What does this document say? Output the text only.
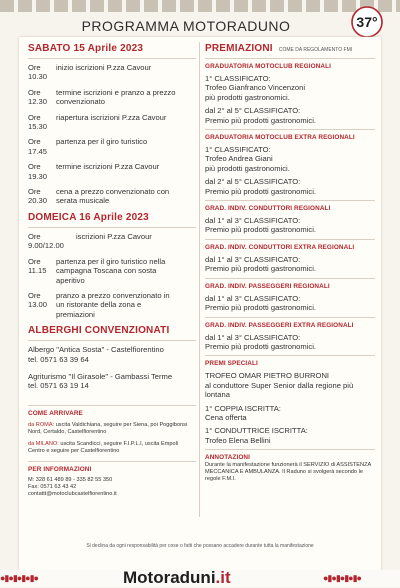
37°
PROGRAMMA MOTORADUNO
SABATO 15 Aprile 2023
Ore 10.30
inizio iscrizioni P.zza Cavour
Ore 12.30
termine iscrizioni e pranzo a prezzo convenzionato
Ore 15.30
riapertura iscrizioni P.zza Cavour
Ore 17.45
partenza per il giro turistico
Ore 19.30
termine iscrizioni P.zza Cavour
Ore 20.30
cena a prezzo convenzionato con serata musicale
DOMEICA 16 Aprile 2023
Ore 9.00/12.00
iscrizioni P.zza Cavour
Ore 11.15
partenza per il giro turistico nella campagna Toscana con sosta aperitivo
Ore 13.00
pranzo a prezzo convenzionato in un ristorante della zona e premiazioni
ALBERGHI CONVENZIONATI
Albergo "Antica Sosta" - Castelfiorentino
tel. 0571 63 39 64
Agriturismo "Il Girasole" - Gambassi Terme
tel. 0571 63 19 14
COME ARRIVARE
da ROMA: uscita Valdichiana, seguire per Siena, poi Poggibonsi Nord, Certaldo, Castelfiorentino
da MILANO: uscita Scandicci, seguire F.I.P.L.I, uscita Empoli Centro e seguire per Castelfiorentino
PER INFORMAZIONI
M: 328 61 489 89 - 335 82 55 350
Fax: 0571 63 43 42
contattt@motoclubcastelfiorentino.it
PREMIAZIONI COME DA REGOLAMENTO FMI
GRADUATORIA MOTOCLUB REGIONALI
1° CLASSIFICATO:
Trofeo Gianfranco Vincenzoni
più prodotti gastronomici.
dal 2° al 5° CLASSIFICATO:
Premio più prodotti gastronomici.
GRADUATORIA MOTOCLUB EXTRA REGIONALI
1° CLASSIFICATO:
Trofeo Andrea Giani
più prodotti gastronomici.
dal 2° al 5° CLASSIFICATO:
Premio più prodotti gastronomici.
GRAD. INDIV. CONDUTTORI REGIONALI
dal 1° al 3° CLASSIFICATO:
Premio più prodotti gastronomici.
GRAD. INDIV. CONDUTTORI EXTRA REGIONALI
dal 1° al 3° CLASSIFICATO:
Premio più prodotti gastronomici.
GRAD. INDIV. PASSEGGERI REGIONALI
dal 1° al 3° CLASSIFICATO:
Premio più prodotti gastronomici.
GRAD. INDIV. PASSEGGERI EXTRA REGIONALI
dal 1° al 3° CLASSIFICATO:
Premio più prodotti gastronomici.
PREMI SPECIALI
TROFEO OMAR PIETRO BURRONI
al conduttore Super Senior dalla regione più lontana
1° COPPIA ISCRITTA:
Cena offerta
1° CONDUTTRICE ISCRITTA:
Trofeo Elena Bellini
ANNOTAZIONI
Durante la manifestazione funzionerà il SERVIZIO di ASSISTENZA MECCANICA E AMBULANZA. Il Raduno si svolgerà secondo le regole F.M.I.
Si declina da ogni responsabilità per cose o fatti che possano accadere durante tutta la manifestazione
●▮●▮●▮●▮●	Motoraduni.it	●▮●▮●▮●▮●
